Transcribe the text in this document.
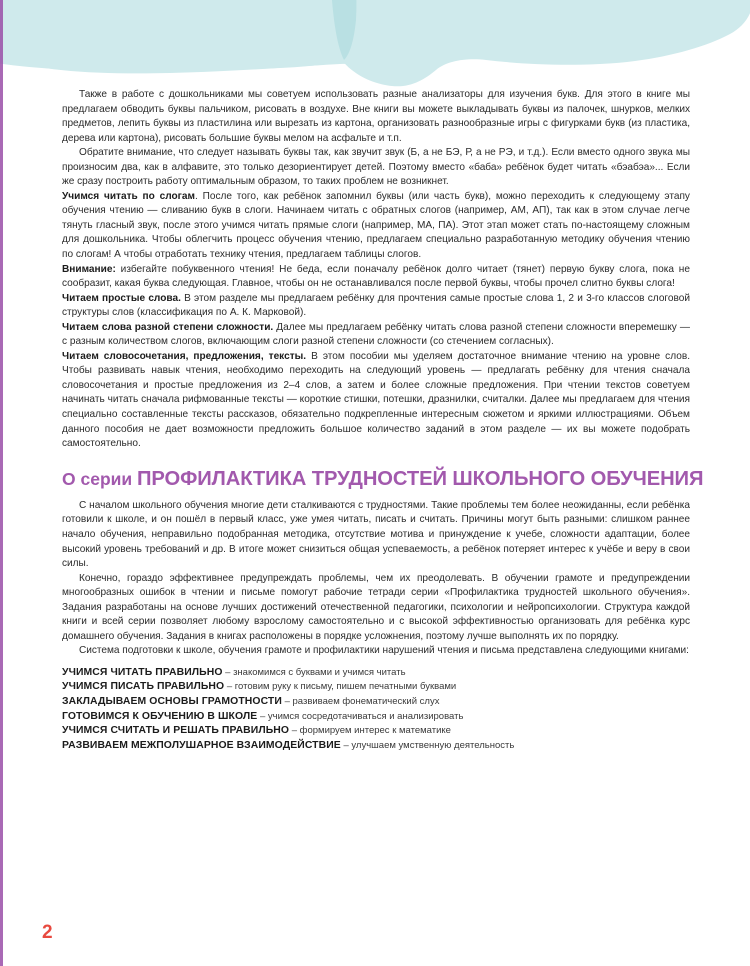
Также в работе с дошкольниками мы советуем использовать разные анализаторы для изучения букв. Для этого в книге мы предлагаем обводить буквы пальчиком, рисовать в воздухе. Вне книги вы можете выкладывать буквы из палочек, шнурков, мелких предметов, лепить буквы из пластилина или вырезать из картона, организовать разнообразные игры с фигурками букв (из пластика, дерева или картона), рисовать большие буквы мелом на асфальте и т.п.

Обратите внимание, что следует называть буквы так, как звучит звук (Б, а не БЭ, Р, а не РЭ, и т.д.). Если вместо одного звука мы произносим два, как в алфавите, это только дезориентирует детей. Поэтому вместо «баба» ребёнок будет читать «бэабэа»... Если же сразу построить работу оптимальным образом, то таких проблем не возникнет.

Учимся читать по слогам. После того, как ребёнок запомнил буквы (или часть букв), можно переходить к следующему этапу обучения чтению — сливанию букв в слоги. Начинаем читать с обратных слогов (например, АМ, АП), так как в этом случае легче тянуть гласный звук, после этого учимся читать прямые слоги (например, МА, ПА). Этот этап может стать по-настоящему сложным для дошкольника. Чтобы облегчить процесс обучения чтению, предлагаем специально разработанную методику обучения чтению по слогам! А чтобы отработать технику чтения, предлагаем таблицы слогов.

Внимание: избегайте побуквенного чтения! Не беда, если поначалу ребёнок долго читает (тянет) первую букву слога, пока не сообразит, какая буква следующая. Главное, чтобы он не останавливался после первой буквы, чтобы прочел слитно буквы слога!

Читаем простые слова. В этом разделе мы предлагаем ребёнку для прочтения самые простые слова 1, 2 и 3-го классов слоговой структуры слов (классификация по А. К. Марковой).

Читаем слова разной степени сложности. Далее мы предлагаем ребёнку читать слова разной степени сложности вперемешку — с разным количеством слогов, включающим слоги разной степени сложности (со стечением согласных).

Читаем словосочетания, предложения, тексты. В этом пособии мы уделяем достаточное внимание чтению на уровне слов. Чтобы развивать навык чтения, необходимо переходить на следующий уровень — предлагать ребёнку для чтения сначала словосочетания и простые предложения из 2–4 слов, а затем и более сложные предложения. При чтении текстов советуем начинать читать сначала рифмованные тексты — короткие стишки, потешки, дразнилки, считалки. Далее мы предлагаем для чтения специально составленные тексты рассказов, обязательно подкрепленные интересным сюжетом и яркими иллюстрациями. Объем данного пособия не дает возможности предложить большое количество заданий в этом разделе — их вы можете подобрать самостоятельно.

О серии ПРОФИЛАКТИКА ТРУДНОСТЕЙ ШКОЛЬНОГО ОБУЧЕНИЯ

С началом школьного обучения многие дети сталкиваются с трудностями. Такие проблемы тем более неожиданны, если ребёнка готовили к школе, и он пошёл в первый класс, уже умея читать, писать и считать. Причины могут быть разными: слишком раннее начало обучения, неправильно подобранная методика, отсутствие мотива и принуждение к учебе, сложности адаптации, более высокий уровень требований и др. В итоге может снизиться общая успеваемость, а ребёнок потеряет интерес к учёбе и веру в свои силы.

Конечно, гораздо эффективнее предупреждать проблемы, чем их преодолевать. В обучении грамоте и предупреждении многообразных ошибок в чтении и письме помогут рабочие тетради серии «Профилактика трудностей школьного обучения». Задания разработаны на основе лучших достижений отечественной педагогики, психологии и нейропсихологии. Структура каждой книги и всей серии позволяет любому взрослому самостоятельно и с высокой эффективностью организовать для ребёнка курс домашнего обучения. Задания в книгах расположены в порядке усложнения, поэтому лучше выполнять их по порядку.

Система подготовки к школе, обучения грамоте и профилактики нарушений чтения и письма представлена следующими книгами:

УЧИМСЯ ЧИТАТЬ ПРАВИЛЬНО – знакомимся с буквами и учимся читать
УЧИМСЯ ПИСАТЬ ПРАВИЛЬНО – готовим руку к письму, пишем печатными буквами
ЗАКЛАДЫВАЕМ ОСНОВЫ ГРАМОТНОСТИ – развиваем фонематический слух
ГОТОВИМСЯ К ОБУЧЕНИЮ В ШКОЛЕ – учимся сосредотачиваться и анализировать
УЧИМСЯ СЧИТАТЬ И РЕШАТЬ ПРАВИЛЬНО – формируем интерес к математике
РАЗВИВАЕМ МЕЖПОЛУШАРНОЕ ВЗАИМОДЕЙСТВИЕ – улучшаем умственную деятельность
2
